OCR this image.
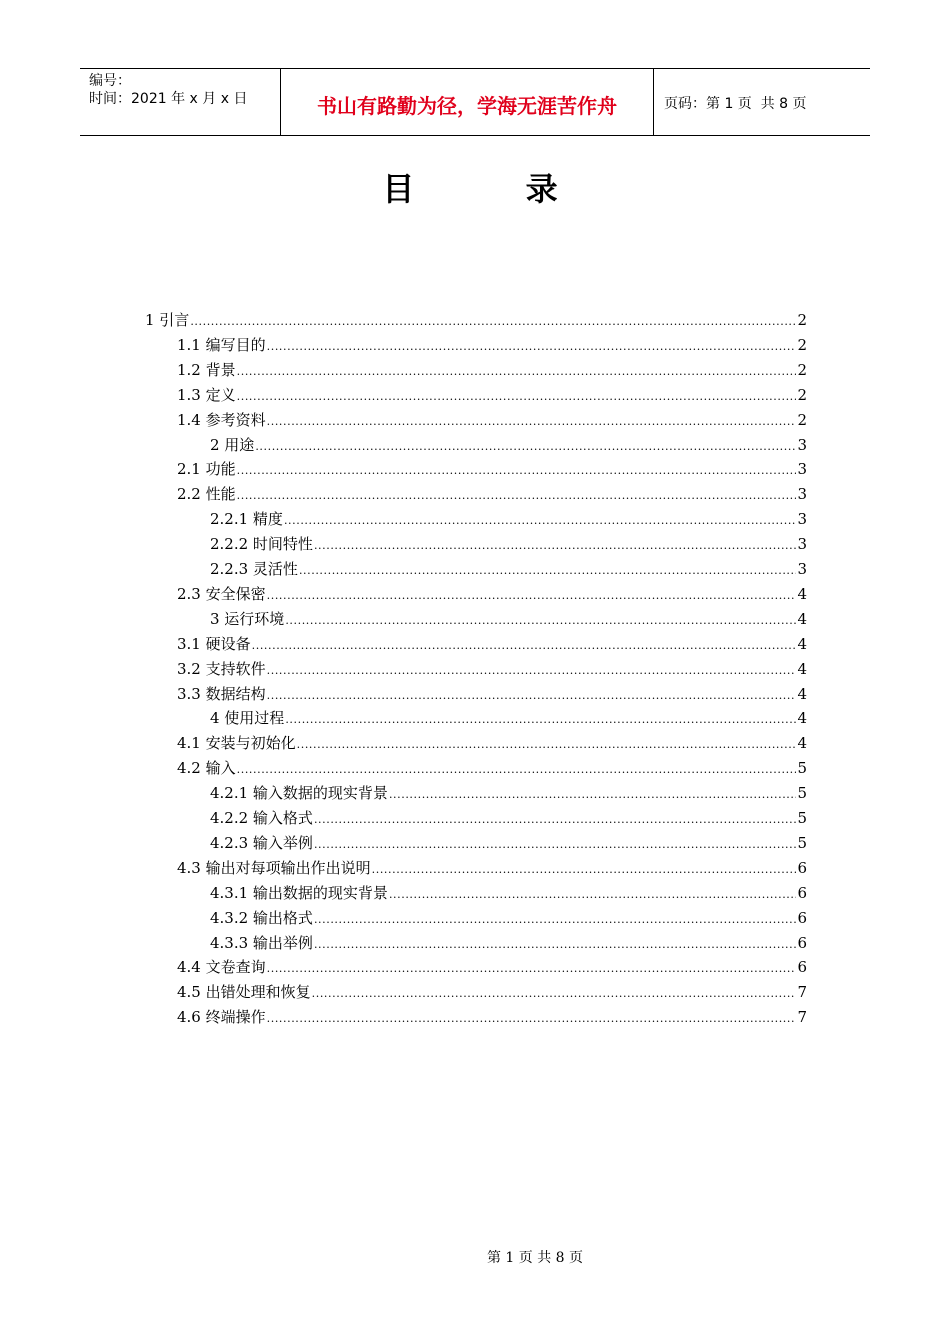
编号：
时间：2021 年 x 月 x 日	书山有路勤为径，学海无涯苦作舟	页码：第 1 页  共 8 页
目 录
1 引言 .....	2
1.1 编写目的 .....	2
1.2 背景 .....	2
1.3 定义 .....	2
1.4 参考资料 .....	2
2 用途 .....	3
2.1 功能 .....	3
2.2 性能 .....	3
2.2.1 精度 .....	3
2.2.2 时间特性 .....	3
2.2.3 灵活性 .....	3
2.3 安全保密 .....	4
3 运行环境 .....	4
3.1 硬设备 .....	4
3.2 支持软件 .....	4
3.3 数据结构 .....	4
4 使用过程 .....	4
4.1 安装与初始化 .....	4
4.2 输入 .....	5
4.2.1 输入数据的现实背景 .....	5
4.2.2 输入格式 .....	5
4.2.3 输入举例 .....	5
4.3 输出对每项输出作出说明 .....	6
4.3.1 输出数据的现实背景 .....	6
4.3.2 输出格式 .....	6
4.3.3 输出举例 .....	6
4.4 文卷查询 .....	6
4.5 出错处理和恢复 .....	7
4.6 终端操作 .....	7
第 1 页 共 8 页
